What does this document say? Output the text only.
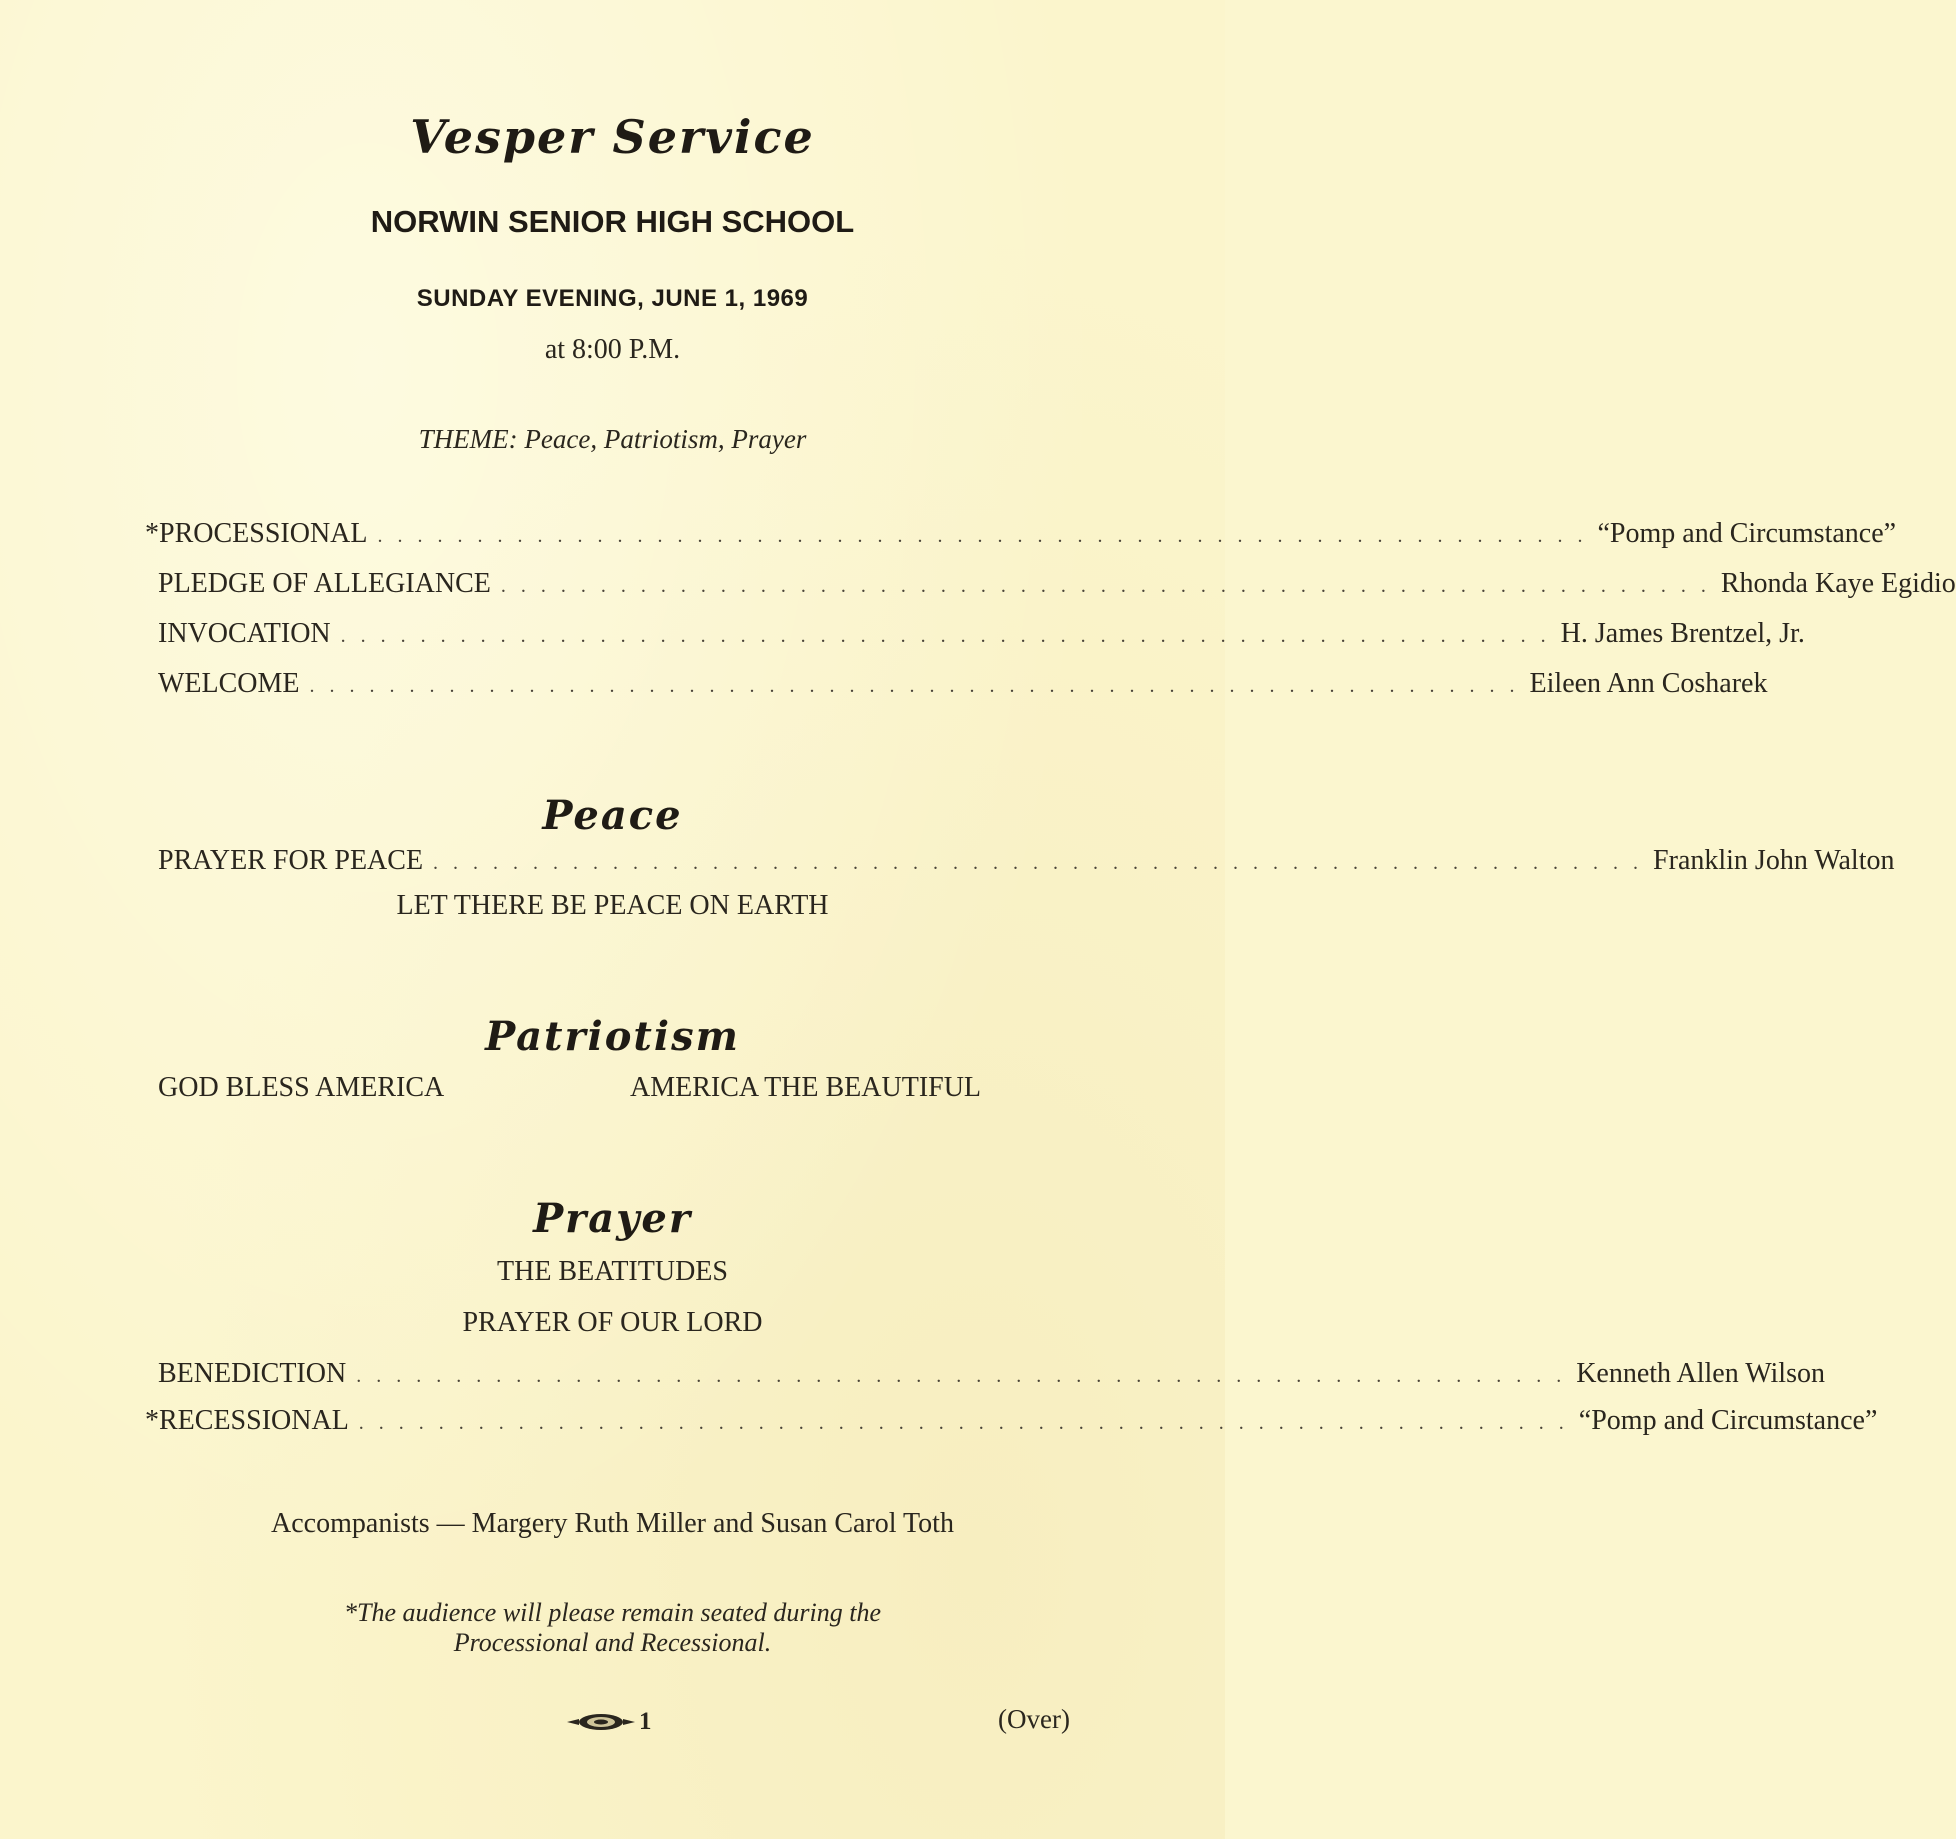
Vesper Service
NORWIN SENIOR HIGH SCHOOL
SUNDAY EVENING, JUNE 1, 1969
at 8:00 P.M.
THEME: Peace, Patriotism, Prayer
*PROCESSIONAL . . . . . . . . . . . . . . . . . . . . . . . . . . . . . . . . . . . . . . . . . . . . . . . . . . . . . . . . . . . . . “Pomp and Circumstance”
PLEDGE OF ALLEGIANCE . . . . . . . . . . . . . . . . . . . . . . . . . . . . . . . . . . . . . . . . . . . . . . . . . . . . . . . . . . . . . Rhonda Kaye Egidio
INVOCATION . . . . . . . . . . . . . . . . . . . . . . . . . . . . . . . . . . . . . . . . . . . . . . . . . . . . . . . . . . . . . H. James Brentzel, Jr.
WELCOME . . . . . . . . . . . . . . . . . . . . . . . . . . . . . . . . . . . . . . . . . . . . . . . . . . . . . . . . . . . . . Eileen Ann Cosharek
Peace
PRAYER FOR PEACE . . . . . . . . . . . . . . . . . . . . . . . . . . . . . . . . . . . . . . . . . . . . . . . . . . . . . . . . . . . . . Franklin John Walton
LET THERE BE PEACE ON EARTH
Patriotism
GOD BLESS AMERICA	AMERICA THE BEAUTIFUL
Prayer
THE BEATITUDES
PRAYER OF OUR LORD
BENEDICTION . . . . . . . . . . . . . . . . . . . . . . . . . . . . . . . . . . . . . . . . . . . . . . . . . . . . . . . . . . . . . Kenneth Allen Wilson
*RECESSIONAL . . . . . . . . . . . . . . . . . . . . . . . . . . . . . . . . . . . . . . . . . . . . . . . . . . . . . . . . . . . . . “Pomp and Circumstance”
Accompanists — Margery Ruth Miller and Susan Carol Toth
*The audience will please remain seated during the
Processional and Recessional.
1	(Over)
